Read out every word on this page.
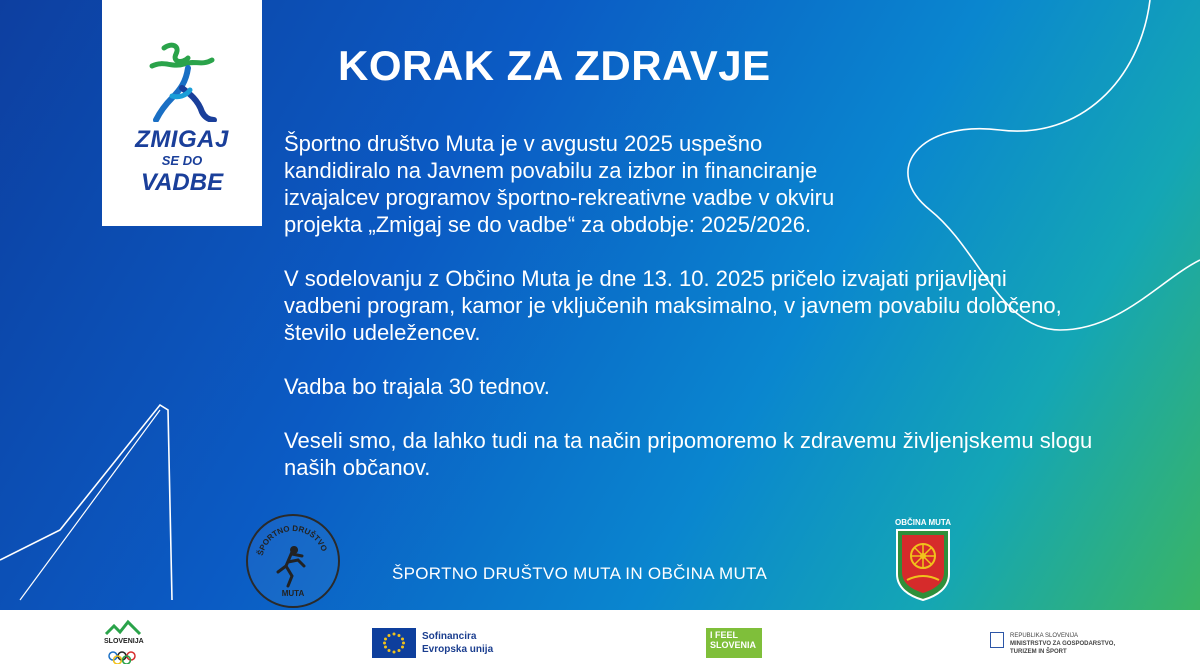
ZMIGAJ
SE DO
VADBE
KORAK ZA ZDRAVJE

Športno društvo Muta je v avgustu 2025 uspešno kandidiralo na Javnem povabilu za izbor in financiranje izvajalcev programov športno-rekreativne vadbe v okviru projekta „Zmigaj se do vadbe“ za obdobje: 2025/2026.

V sodelovanju z Občino Muta je dne 13. 10. 2025 pričelo izvajati prijavljeni vadbeni program, kamor je vključenih maksimalno, v javnem povabilu določeno, število udeležencev.

Vadba bo trajala 30 tednov.

Veseli smo, da lahko tudi na ta način pripomoremo k zdravemu življenjskemu slogu naših občanov.

ŠPORTNO DRUŠTVO
MUTA
ŠPORTNO DRUŠTVO MUTA IN OBČINA MUTA
OBČINA MUTA
SLOVENIJA	Sofinancira
Evropska unija
I FEEL
SLOVENIA
REPUBLIKA SLOVENIJA
MINISTRSTVO ZA GOSPODARSTVO,
TURIZEM IN ŠPORT
